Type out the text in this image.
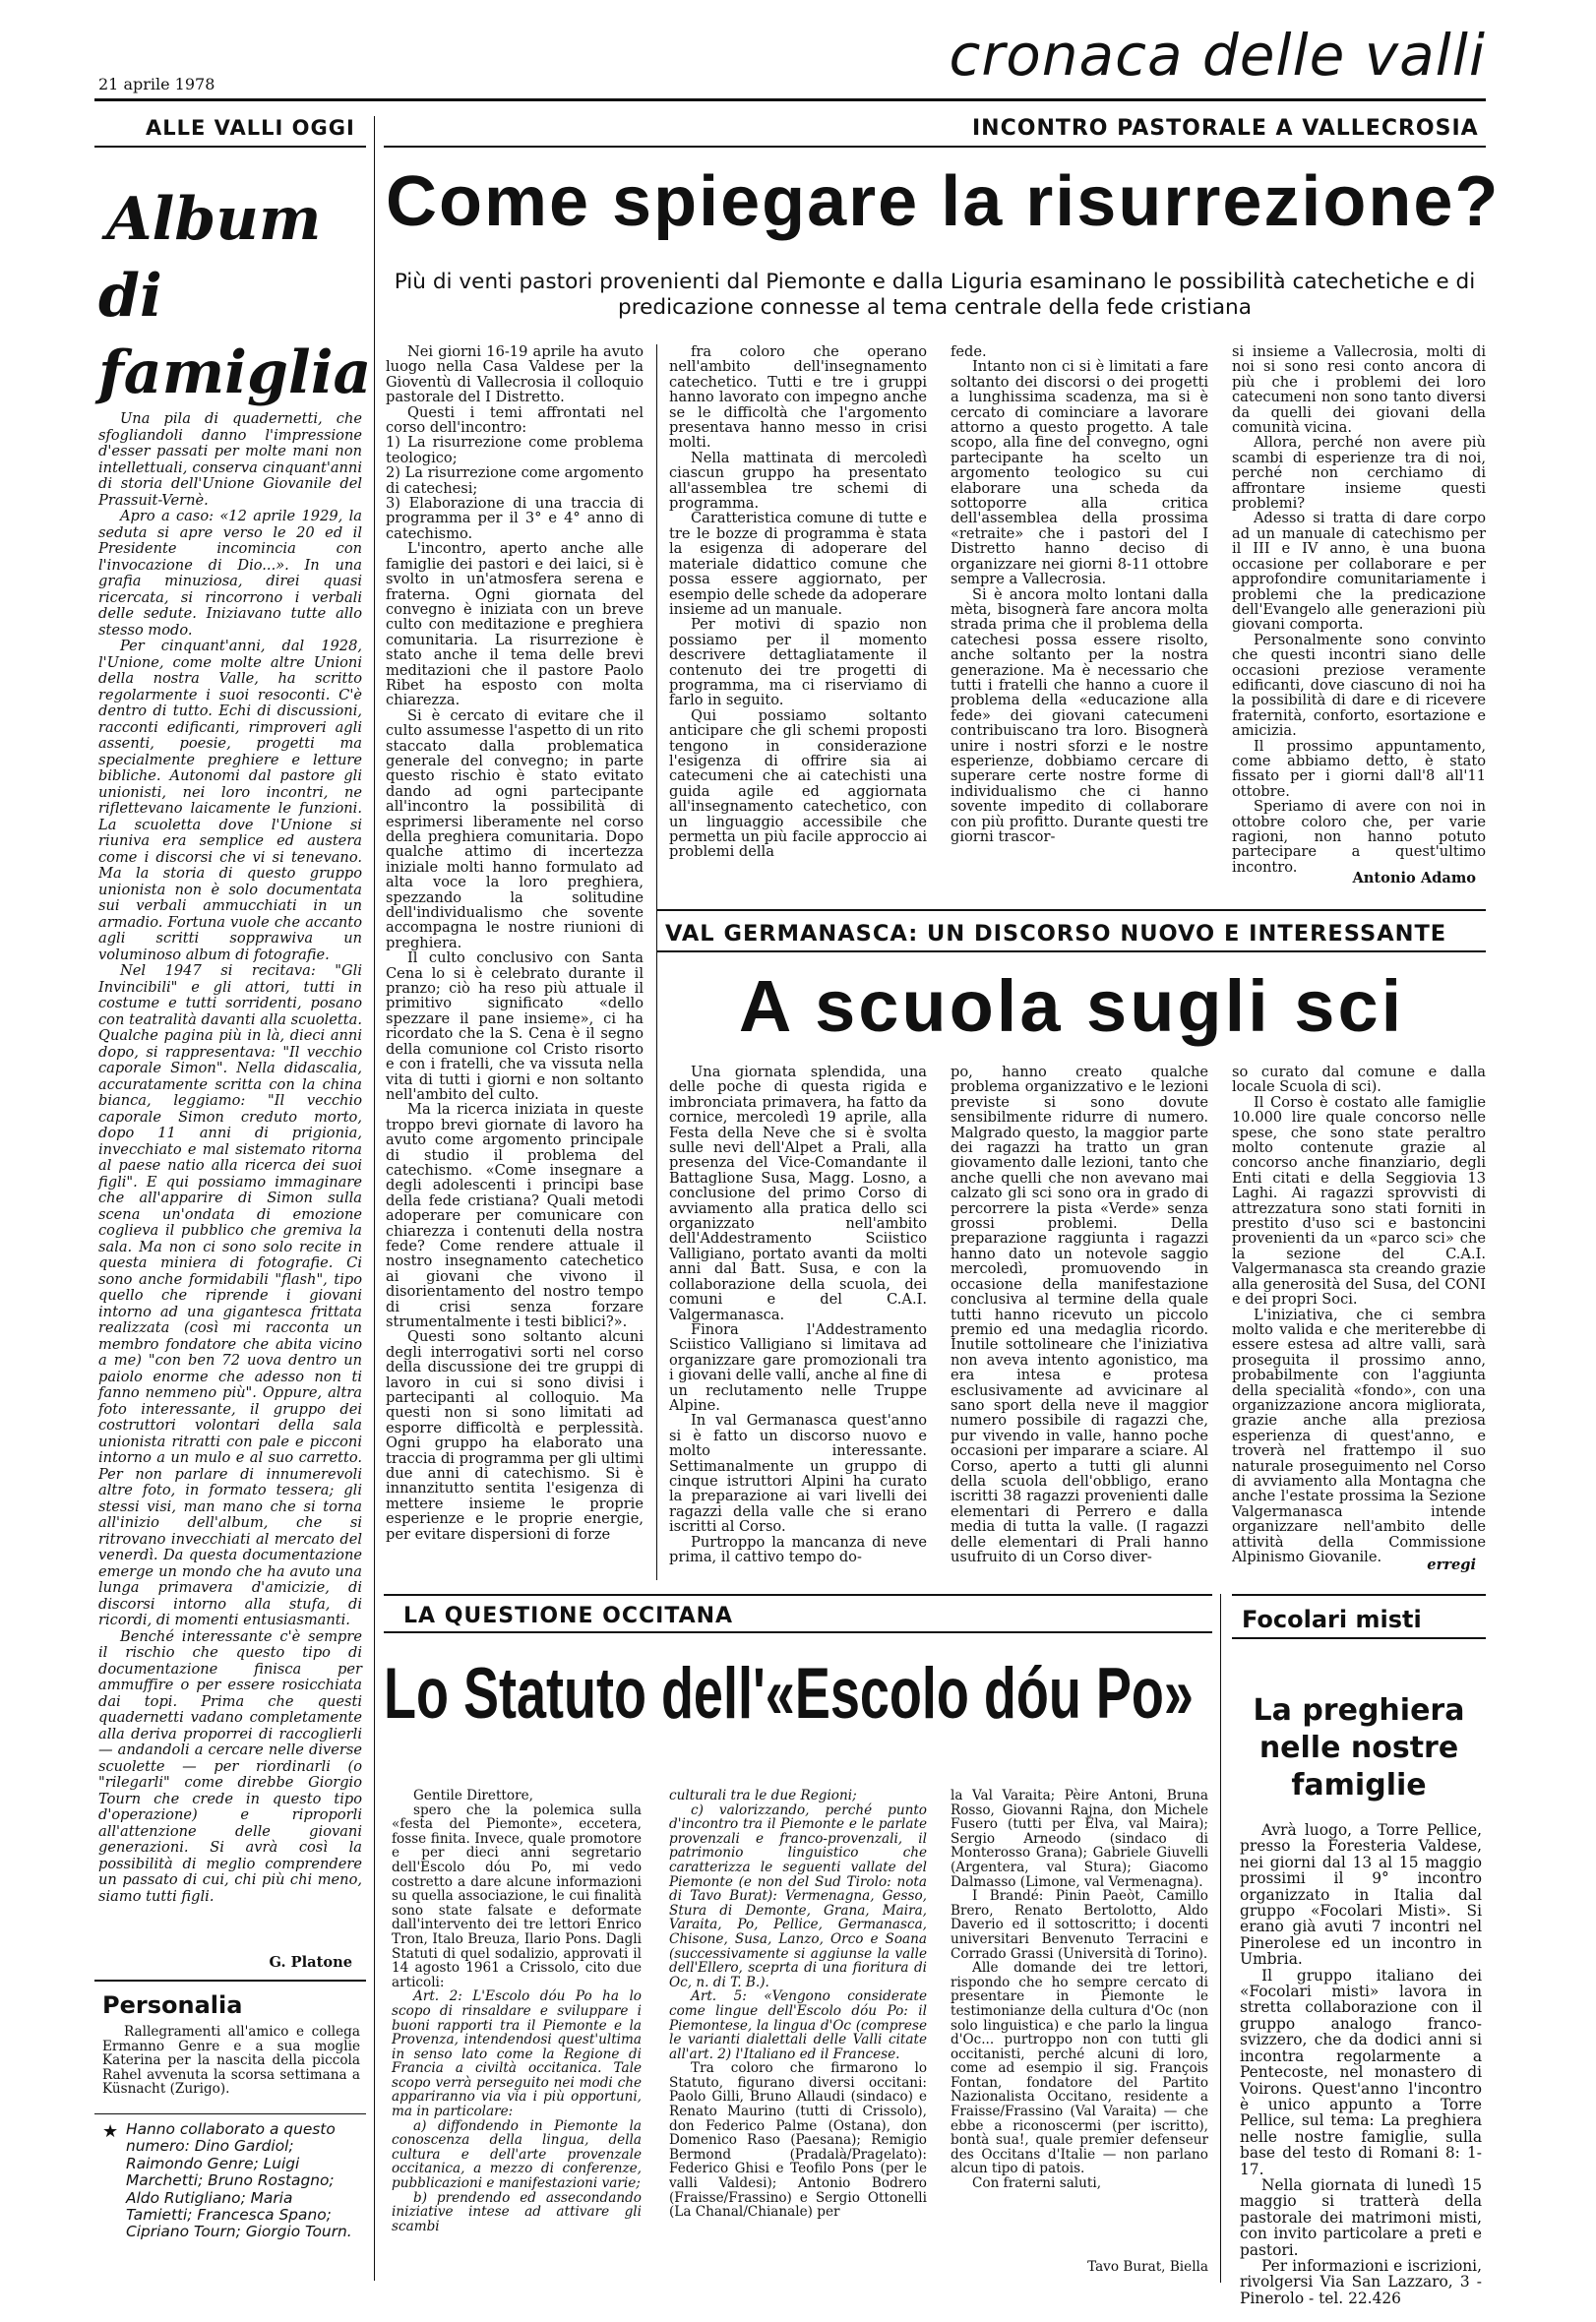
21 aprile 1978	cronaca delle valli
ALLE VALLI OGGI
Album
di
famiglia

Una pila di quadernetti, che sfogliandoli danno l'impressione d'esser passati per molte mani non intellettuali, conserva cinquant'anni di storia dell'Unione Giovanile del Prassuit-Vernè.

Apro a caso: «12 aprile 1929, la seduta si apre verso le 20 ed il Presidente incomincia con l'invocazione di Dio...». In una grafia minuziosa, direi quasi ricercata, si rincorrono i verbali delle sedute. Iniziavano tutte allo stesso modo.

Per cinquant'anni, dal 1928, l'Unione, come molte altre Unioni della nostra Valle, ha scritto regolarmente i suoi resoconti. C'è dentro di tutto. Echi di discussioni, racconti edificanti, rimproveri agli assenti, poesie, progetti ma specialmente preghiere e letture bibliche. Autonomi dal pastore gli unionisti, nei loro incontri, ne riflettevano laicamente le funzioni. La scuoletta dove l'Unione si riuniva era semplice ed austera come i discorsi che vi si tenevano. Ma la storia di questo gruppo unionista non è solo documentata sui verbali ammucchiati in un armadio. Fortuna vuole che accanto agli scritti sopprawiva un voluminoso album di fotografie.

Nel 1947 si recitava: "Gli Invincibili" e gli attori, tutti in costume e tutti sorridenti, posano con teatralità davanti alla scuoletta. Qualche pagina più in là, dieci anni dopo, si rappresentava: "Il vecchio caporale Simon". Nella didascalia, accuratamente scritta con la china bianca, leggiamo: "Il vecchio caporale Simon creduto morto, dopo 11 anni di prigionia, invecchiato e mal sistemato ritorna al paese natio alla ricerca dei suoi figli". E qui possiamo immaginare che all'apparire di Simon sulla scena un'ondata di emozione coglieva il pubblico che gremiva la sala. Ma non ci sono solo recite in questa miniera di fotografie. Ci sono anche formidabili "flash", tipo quello che riprende i giovani intorno ad una gigantesca frittata realizzata (così mi racconta un membro fondatore che abita vicino a me) "con ben 72 uova dentro un paiolo enorme che adesso non ti fanno nemmeno più". Oppure, altra foto interessante, il gruppo dei costruttori volontari della sala unionista ritratti con pale e picconi intorno a un mulo e al suo carretto. Per non parlare di innumerevoli altre foto, in formato tessera; gli stessi visi, man mano che si torna all'inizio dell'album, che si ritrovano invecchiati al mercato del venerdì. Da questa documentazione emerge un mondo che ha avuto una lunga primavera d'amicizie, di discorsi intorno alla stufa, di ricordi, di momenti entusiasmanti.

Benché interessante c'è sempre il rischio che questo tipo di documentazione finisca per ammuffire o per essere rosicchiata dai topi. Prima che questi quadernetti vadano completamente alla deriva proporrei di raccoglierli — andandoli a cercare nelle diverse scuolette — per riordinarli (o "rilegarli" come direbbe Giorgio Tourn che crede in questo tipo d'operazione) e riproporli all'attenzione delle giovani generazioni. Si avrà così la possibilità di meglio comprendere un passato di cui, chi più chi meno, siamo tutti figli.

G. Platone
Personalia
Rallegramenti all'amico e collega Ermanno Genre e a sua moglie Katerina per la nascita della piccola Rahel avvenuta la scorsa settimana a Küsnacht (Zurigo).
★ Hanno collaborato a questo numero: Dino Gardiol; Raimondo Genre; Luigi Marchetti; Bruno Rostagno; Aldo Rutigliano; Maria Tamietti; Francesca Spano; Cipriano Tourn; Giorgio Tourn.
INCONTRO PASTORALE A VALLECROSIA
Come spiegare la risurrezione?
Più di venti pastori provenienti dal Piemonte e dalla Liguria esaminano le possibilità catechetiche e di predicazione connesse al tema centrale della fede cristiana

Nei giorni 16-19 aprile ha avuto luogo nella Casa Valdese per la Gioventù di Vallecrosia il colloquio pastorale del I Distretto.

Questi i temi affrontati nel corso dell'incontro:

1) La risurrezione come problema teologico;

2) La risurrezione come argomento di catechesi;

3) Elaborazione di una traccia di programma per il 3° e 4° anno di catechismo.

L'incontro, aperto anche alle famiglie dei pastori e dei laici, si è svolto in un'atmosfera serena e fraterna. Ogni giornata del convegno è iniziata con un breve culto con meditazione e preghiera comunitaria. La risurrezione è stato anche il tema delle brevi meditazioni che il pastore Paolo Ribet ha esposto con molta chiarezza.

Si è cercato di evitare che il culto assumesse l'aspetto di un rito staccato dalla problematica generale del convegno; in parte questo rischio è stato evitato dando ad ogni partecipante all'incontro la possibilità di esprimersi liberamente nel corso della preghiera comunitaria. Dopo qualche attimo di incertezza iniziale molti hanno formulato ad alta voce la loro preghiera, spezzando la solitudine dell'individualismo che sovente accompagna le nostre riunioni di preghiera.

Il culto conclusivo con Santa Cena lo si è celebrato durante il pranzo; ciò ha reso più attuale il primitivo significato «dello spezzare il pane insieme», ci ha ricordato che la S. Cena è il segno della comunione col Cristo risorto e con i fratelli, che va vissuta nella vita di tutti i giorni e non soltanto nell'ambito del culto.

Ma la ricerca iniziata in queste troppo brevi giornate di lavoro ha avuto come argomento principale di studio il problema del catechismo. «Come insegnare a degli adolescenti i principi base della fede cristiana? Quali metodi adoperare per comunicare con chiarezza i contenuti della nostra fede? Come rendere attuale il nostro insegnamento catechetico ai giovani che vivono il disorientamento del nostro tempo di crisi senza forzare strumentalmente i testi biblici?».

Questi sono soltanto alcuni degli interrogativi sorti nel corso della discussione dei tre gruppi di lavoro in cui si sono divisi i partecipanti al colloquio. Ma questi non si sono limitati ad esporre difficoltà e perplessità. Ogni gruppo ha elaborato una traccia di programma per gli ultimi due anni di catechismo. Si è innanzitutto sentita l'esigenza di mettere insieme le proprie esperienze e le proprie energie, per evitare dispersioni di forze

fra coloro che operano nell'ambito dell'insegnamento catechetico. Tutti e tre i gruppi hanno lavorato con impegno anche se le difficoltà che l'argomento presentava hanno messo in crisi molti.

Nella mattinata di mercoledì ciascun gruppo ha presentato all'assemblea tre schemi di programma.

Caratteristica comune di tutte e tre le bozze di programma è stata la esigenza di adoperare del materiale didattico comune che possa essere aggiornato, per esempio delle schede da adoperare insieme ad un manuale.

Per motivi di spazio non possiamo per il momento descrivere dettagliatamente il contenuto dei tre progetti di programma, ma ci riserviamo di farlo in seguito.

Qui possiamo soltanto anticipare che gli schemi proposti tengono in considerazione l'esigenza di offrire sia ai catecumeni che ai catechisti una guida agile ed aggiornata all'insegnamento catechetico, con un linguaggio accessibile che permetta un più facile approccio ai problemi della

fede.

Intanto non ci si è limitati a fare soltanto dei discorsi o dei progetti a lunghissima scadenza, ma si è cercato di cominciare a lavorare attorno a questo progetto. A tale scopo, alla fine del convegno, ogni partecipante ha scelto un argomento teologico su cui elaborare una scheda da sottoporre alla critica dell'assemblea della prossima «retraite» che i pastori del I Distretto hanno deciso di organizzare nei giorni 8-11 ottobre sempre a Vallecrosia.

Si è ancora molto lontani dalla mèta, bisognerà fare ancora molta strada prima che il problema della catechesi possa essere risolto, anche soltanto per la nostra generazione. Ma è necessario che tutti i fratelli che hanno a cuore il problema della «educazione alla fede» dei giovani catecumeni contribuiscano tra loro. Bisognerà unire i nostri sforzi e le nostre esperienze, dobbiamo cercare di superare certe nostre forme di individualismo che ci hanno sovente impedito di collaborare con più profitto. Durante questi tre giorni trascor-

si insieme a Vallecrosia, molti di noi si sono resi conto ancora di più che i problemi dei loro catecumeni non sono tanto diversi da quelli dei giovani della comunità vicina.

Allora, perché non avere più scambi di esperienze tra di noi, perché non cerchiamo di affrontare insieme questi problemi?

Adesso si tratta di dare corpo ad un manuale di catechismo per il III e IV anno, è una buona occasione per collaborare e per approfondire comunitariamente i problemi che la predicazione dell'Evangelo alle generazioni più giovani comporta.

Personalmente sono convinto che questi incontri siano delle occasioni preziose veramente edificanti, dove ciascuno di noi ha la possibilità di dare e di ricevere fraternità, conforto, esortazione e amicizia.

Il prossimo appuntamento, come abbiamo detto, è stato fissato per i giorni dall'8 all'11 ottobre.

Speriamo di avere con noi in ottobre coloro che, per varie ragioni, non hanno potuto partecipare a quest'ultimo incontro.

Antonio Adamo
VAL GERMANASCA: UN DISCORSO NUOVO E INTERESSANTE
A scuola sugli sci

Una giornata splendida, una delle poche di questa rigida e imbronciata primavera, ha fatto da cornice, mercoledì 19 aprile, alla Festa della Neve che si è svolta sulle nevi dell'Alpet a Prali, alla presenza del Vice-Comandante il Battaglione Susa, Magg. Losno, a conclusione del primo Corso di avviamento alla pratica dello sci organizzato nell'ambito dell'Addestramento Sciistico Valligiano, portato avanti da molti anni dal Batt. Susa, e con la collaborazione della scuola, dei comuni e del C.A.I. Valgermanasca.

Finora l'Addestramento Sciistico Valligiano si limitava ad organizzare gare promozionali tra i giovani delle valli, anche al fine di un reclutamento nelle Truppe Alpine.

In val Germanasca quest'anno si è fatto un discorso nuovo e molto interessante. Settimanalmente un gruppo di cinque istruttori Alpini ha curato la preparazione ai vari livelli dei ragazzi della valle che si erano iscritti al Corso.

Purtroppo la mancanza di neve prima, il cattivo tempo do-

po, hanno creato qualche problema organizzativo e le lezioni previste si sono dovute sensibilmente ridurre di numero. Malgrado questo, la maggior parte dei ragazzi ha tratto un gran giovamento dalle lezioni, tanto che anche quelli che non avevano mai calzato gli sci sono ora in grado di percorrere la pista «Verde» senza grossi problemi. Della preparazione raggiunta i ragazzi hanno dato un notevole saggio mercoledì, promuovendo in occasione della manifestazione conclusiva al termine della quale tutti hanno ricevuto un piccolo premio ed una medaglia ricordo. Inutile sottolineare che l'iniziativa non aveva intento agonistico, ma era intesa e protesa esclusivamente ad avvicinare al sano sport della neve il maggior numero possibile di ragazzi che, pur vivendo in valle, hanno poche occasioni per imparare a sciare. Al Corso, aperto a tutti gli alunni della scuola dell'obbligo, erano iscritti 38 ragazzi provenienti dalle elementari di Perrero e dalla media di tutta la valle. (I ragazzi delle elementari di Prali hanno usufruito di un Corso diver-

so curato dal comune e dalla locale Scuola di sci).

Il Corso è costato alle famiglie 10.000 lire quale concorso nelle spese, che sono state peraltro molto contenute grazie al concorso anche finanziario, degli Enti citati e della Seggiovia 13 Laghi. Ai ragazzi sprovvisti di attrezzatura sono stati forniti in prestito d'uso sci e bastoncini provenienti da un «parco sci» che la sezione del C.A.I. Valgermanasca sta creando grazie alla generosità del Susa, del CONI e dei propri Soci.

L'iniziativa, che ci sembra molto valida e che meriterebbe di essere estesa ad altre valli, sarà proseguita il prossimo anno, probabilmente con l'aggiunta della specialità «fondo», con una organizzazione ancora migliorata, grazie anche alla preziosa esperienza di quest'anno, e troverà nel frattempo il suo naturale proseguimento nel Corso di avviamento alla Montagna che anche l'estate prossima la Sezione Valgermanasca intende organizzare nell'ambito delle attività della Commissione Alpinismo Giovanile.	erregi
LA QUESTIONE OCCITANA
Lo Statuto dell'«Escolo dóu Po»

Gentile Direttore,

spero che la polemica sulla «festa del Piemonte», eccetera, fosse finita. Invece, quale promotore e per dieci anni segretario dell'Escolo dóu Po, mi vedo costretto a dare alcune informazioni su quella associazione, le cui finalità sono state falsate e deformate dall'intervento dei tre lettori Enrico Tron, Italo Breuza, Ilario Pons. Dagli Statuti di quel sodalizio, approvati il 14 agosto 1961 a Crissolo, cito due articoli:

Art. 2: L'Escolo dóu Po ha lo scopo di rinsaldare e sviluppare i buoni rapporti tra il Piemonte e la Provenza, intendendosi quest'ultima in senso lato come la Regione di Francia a civiltà occitanica. Tale scopo verrà perseguito nei modi che appariranno via via i più opportuni, ma in particolare:

a) diffondendo in Piemonte la conoscenza della lingua, della cultura e dell'arte provenzale occitanica, a mezzo di conferenze, pubblicazioni e manifestazioni varie;

b) prendendo ed assecondando iniziative intese ad attivare gli scambi

culturali tra le due Regioni;

c) valorizzando, perché punto d'incontro tra il Piemonte e le parlate provenzali e franco-provenzali, il patrimonio linguistico che caratterizza le seguenti vallate del Piemonte (e non del Sud Tirolo: nota di Tavo Burat): Vermenagna, Gesso, Stura di Demonte, Grana, Maira, Varaita, Po, Pellice, Germanasca, Chisone, Susa, Lanzo, Orco e Soana (successivamente si aggiunse la valle dell'Ellero, sceprta di una fioritura di Oc, n. di T. B.).

Art. 5: «Vengono considerate come lingue dell'Escolo dóu Po: il Piemontese, la lingua d'Oc (comprese le varianti dialettali delle Valli citate all'art. 2) l'Italiano ed il Francese.

Tra coloro che firmarono lo Statuto, figurano diversi occitani: Paolo Gilli, Bruno Allaudi (sindaco) e Renato Maurino (tutti di Crissolo), don Federico Palme (Ostana), don Domenico Raso (Paesana); Remigio Bermond (Pradalà/Pragelato): Federico Ghisi e Teofilo Pons (per le valli Valdesi); Antonio Bodrero (Fraisse/Frassino) e Sergio Ottonelli (La Chanal/Chianale) per

la Val Varaita; Pèire Antoni, Bruna Rosso, Giovanni Rajna, don Michele Fusero (tutti per Elva, val Maira); Sergio Arneodo (sindaco di Monterosso Grana); Gabriele Giuvelli (Argentera, val Stura); Giacomo Dalmasso (Limone, val Vermenagna).

I Brandé: Pinin Paeòt, Camillo Brero, Renato Bertolotto, Aldo Daverio ed il sottoscritto; i docenti universitari Benvenuto Terracini e Corrado Grassi (Università di Torino).

Alle domande dei tre lettori, rispondo che ho sempre cercato di presentare in Piemonte le testimonianze della cultura d'Oc (non solo linguistica) e che parlo la lingua d'Oc... purtroppo non con tutti gli occitanisti, perché alcuni di loro, come ad esempio il sig. François Fontan, fondatore del Partito Nazionalista Occitano, residente a Fraisse/Frassino (Val Varaita) — che ebbe a riconoscermi (per iscritto), bontà sua!, quale premier defenseur des Occitans d'Italie — non parlano alcun tipo di patois.

Con fraterni saluti,

Tavo Burat, Biella
Focolari misti
La preghiera
nelle nostre
famiglie

Avrà luogo, a Torre Pellice, presso la Foresteria Valdese, nei giorni dal 13 al 15 maggio prossimi il 9° incontro organizzato in Italia dal gruppo «Focolari Misti». Si erano già avuti 7 incontri nel Pinerolese ed un incontro in Umbria.

Il gruppo italiano dei «Focolari misti» lavora in stretta collaborazione con il gruppo analogo franco-svizzero, che da dodici anni si incontra regolarmente a Pentecoste, nel monastero di Voirons. Quest'anno l'incontro è unico appunto a Torre Pellice, sul tema: La preghiera nelle nostre famiglie, sulla base del testo di Romani 8: 1-17.

Nella giornata di lunedì 15 maggio si tratterà della pastorale dei matrimoni misti, con invito particolare a preti e pastori.

Per informazioni e iscrizioni, rivolgersi Via San Lazzaro, 3 - Pinerolo - tel. 22.426
